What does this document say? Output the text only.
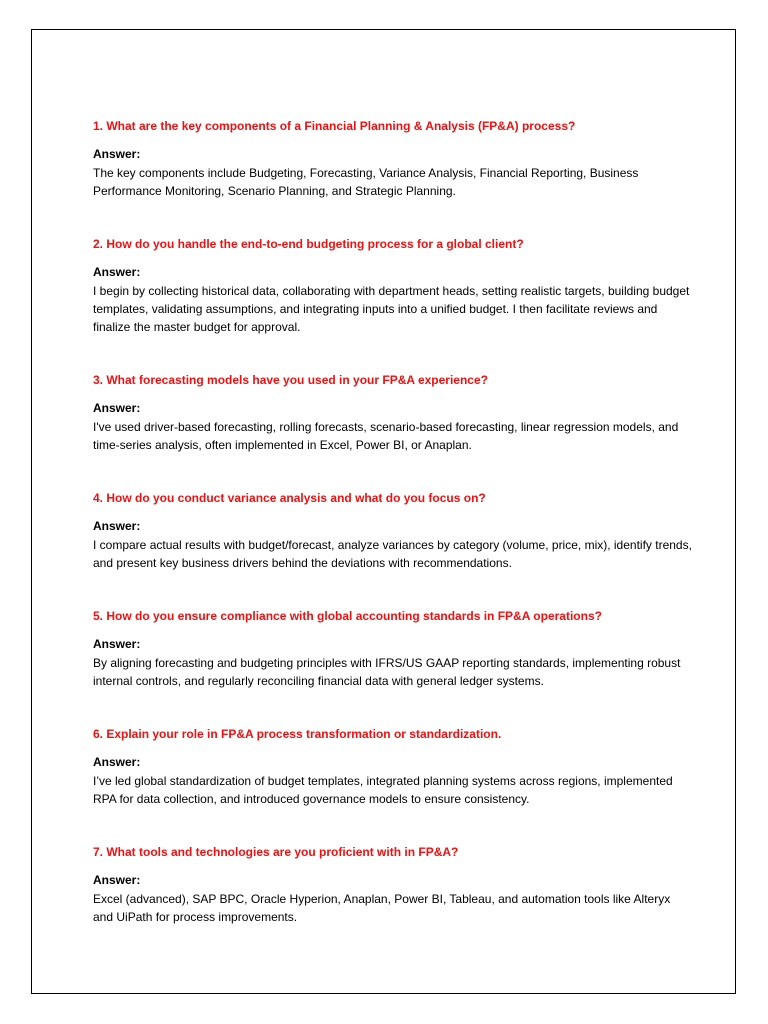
1. What are the key components of a Financial Planning & Analysis (FP&A) process?

Answer:

The key components include Budgeting, Forecasting, Variance Analysis, Financial Reporting, Business Performance Monitoring, Scenario Planning, and Strategic Planning.

2. How do you handle the end-to-end budgeting process for a global client?

Answer:

I begin by collecting historical data, collaborating with department heads, setting realistic targets, building budget templates, validating assumptions, and integrating inputs into a unified budget. I then facilitate reviews and finalize the master budget for approval.

3. What forecasting models have you used in your FP&A experience?

Answer:

I've used driver-based forecasting, rolling forecasts, scenario-based forecasting, linear regression models, and time-series analysis, often implemented in Excel, Power BI, or Anaplan.

4. How do you conduct variance analysis and what do you focus on?

Answer:

I compare actual results with budget/forecast, analyze variances by category (volume, price, mix), identify trends, and present key business drivers behind the deviations with recommendations.

5. How do you ensure compliance with global accounting standards in FP&A operations?

Answer:

By aligning forecasting and budgeting principles with IFRS/US GAAP reporting standards, implementing robust internal controls, and regularly reconciling financial data with general ledger systems.

6. Explain your role in FP&A process transformation or standardization.

Answer:

I’ve led global standardization of budget templates, integrated planning systems across regions, implemented RPA for data collection, and introduced governance models to ensure consistency.

7. What tools and technologies are you proficient with in FP&A?

Answer:

Excel (advanced), SAP BPC, Oracle Hyperion, Anaplan, Power BI, Tableau, and automation tools like Alteryx and UiPath for process improvements.
